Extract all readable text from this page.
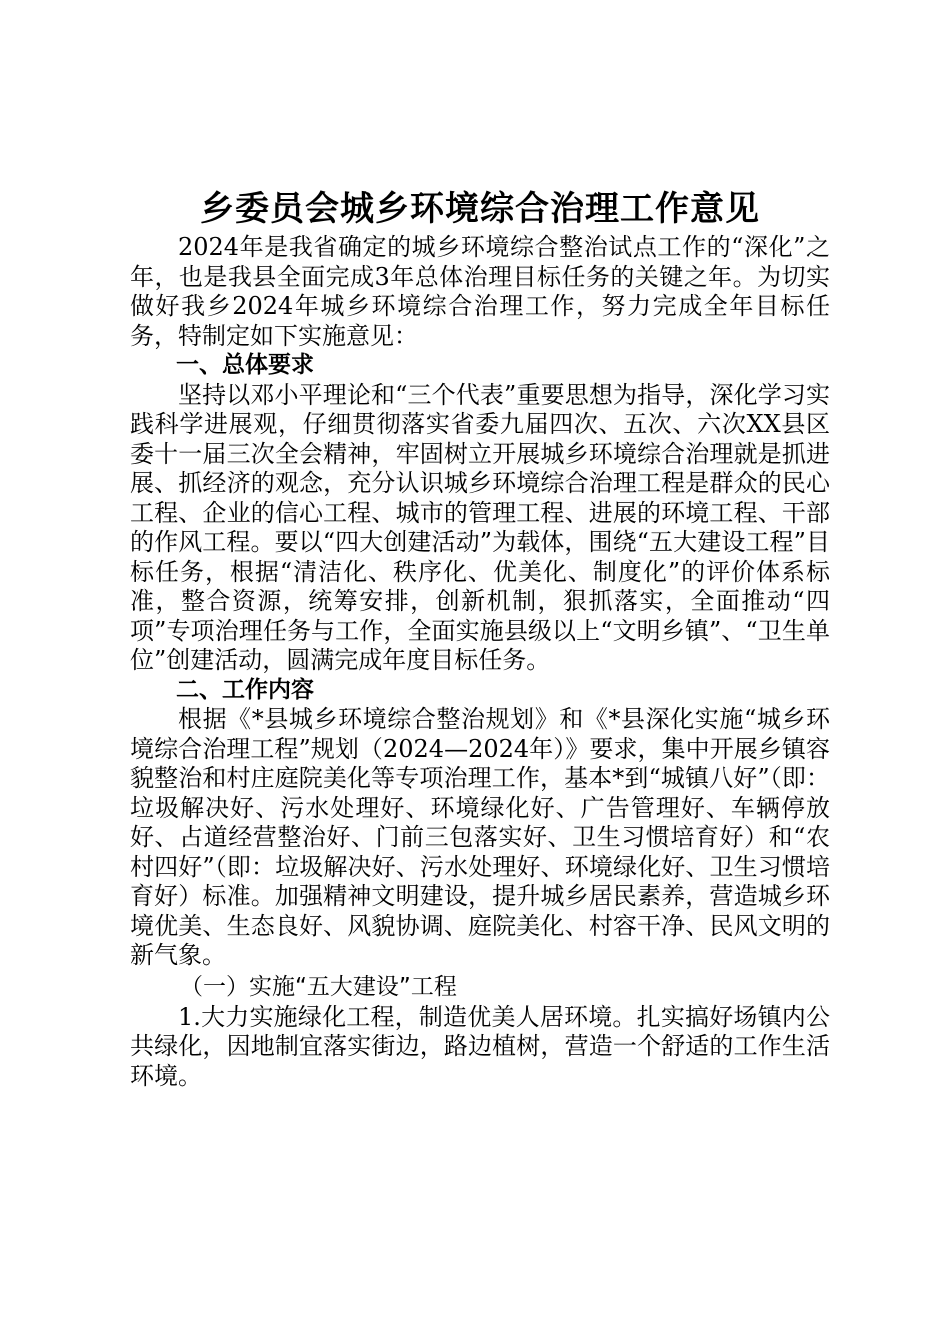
乡委员会城乡环境综合治理工作意见

2024年是我省确定的城乡环境综合整治试点工作的“深化”之年，也是我县全面完成3年总体治理目标任务的关键之年。为切实做好我乡2024年城乡环境综合治理工作，努力完成全年目标任务，特制定如下实施意见：

一、总体要求

坚持以邓小平理论和“三个代表”重要思想为指导，深化学习实践科学进展观，仔细贯彻落实省委九届四次、五次、六次XX县区委十一届三次全会精神，牢固树立开展城乡环境综合治理就是抓进展、抓经济的观念，充分认识城乡环境综合治理工程是群众的民心工程、企业的信心工程、城市的管理工程、进展的环境工程、干部的作风工程。要以“四大创建活动”为载体，围绕“五大建设工程”目标任务，根据“清洁化、秩序化、优美化、制度化”的评价体系标准，整合资源，统筹安排，创新机制，狠抓落实，全面推动“四项”专项治理任务与工作，全面实施县级以上“文明乡镇”、“卫生单位”创建活动，圆满完成年度目标任务。

二、工作内容

根据《*县城乡环境综合整治规划》和《*县深化实施“城乡环境综合治理工程”规划（2024—2024年）》要求，集中开展乡镇容貌整治和村庄庭院美化等专项治理工作，基本*到“城镇八好”（即：垃圾解决好、污水处理好、环境绿化好、广告管理好、车辆停放好、占道经营整治好、门前三包落实好、卫生习惯培育好）和“农村四好”（即：垃圾解决好、污水处理好、环境绿化好、卫生习惯培育好）标准。加强精神文明建设，提升城乡居民素养，营造城乡环境优美、生态良好、风貌协调、庭院美化、村容干净、民风文明的新气象。

（一）实施“五大建设”工程

1.大力实施绿化工程，制造优美人居环境。扎实搞好场镇内公共绿化，因地制宜落实街边，路边植树，营造一个舒适的工作生活环境。
